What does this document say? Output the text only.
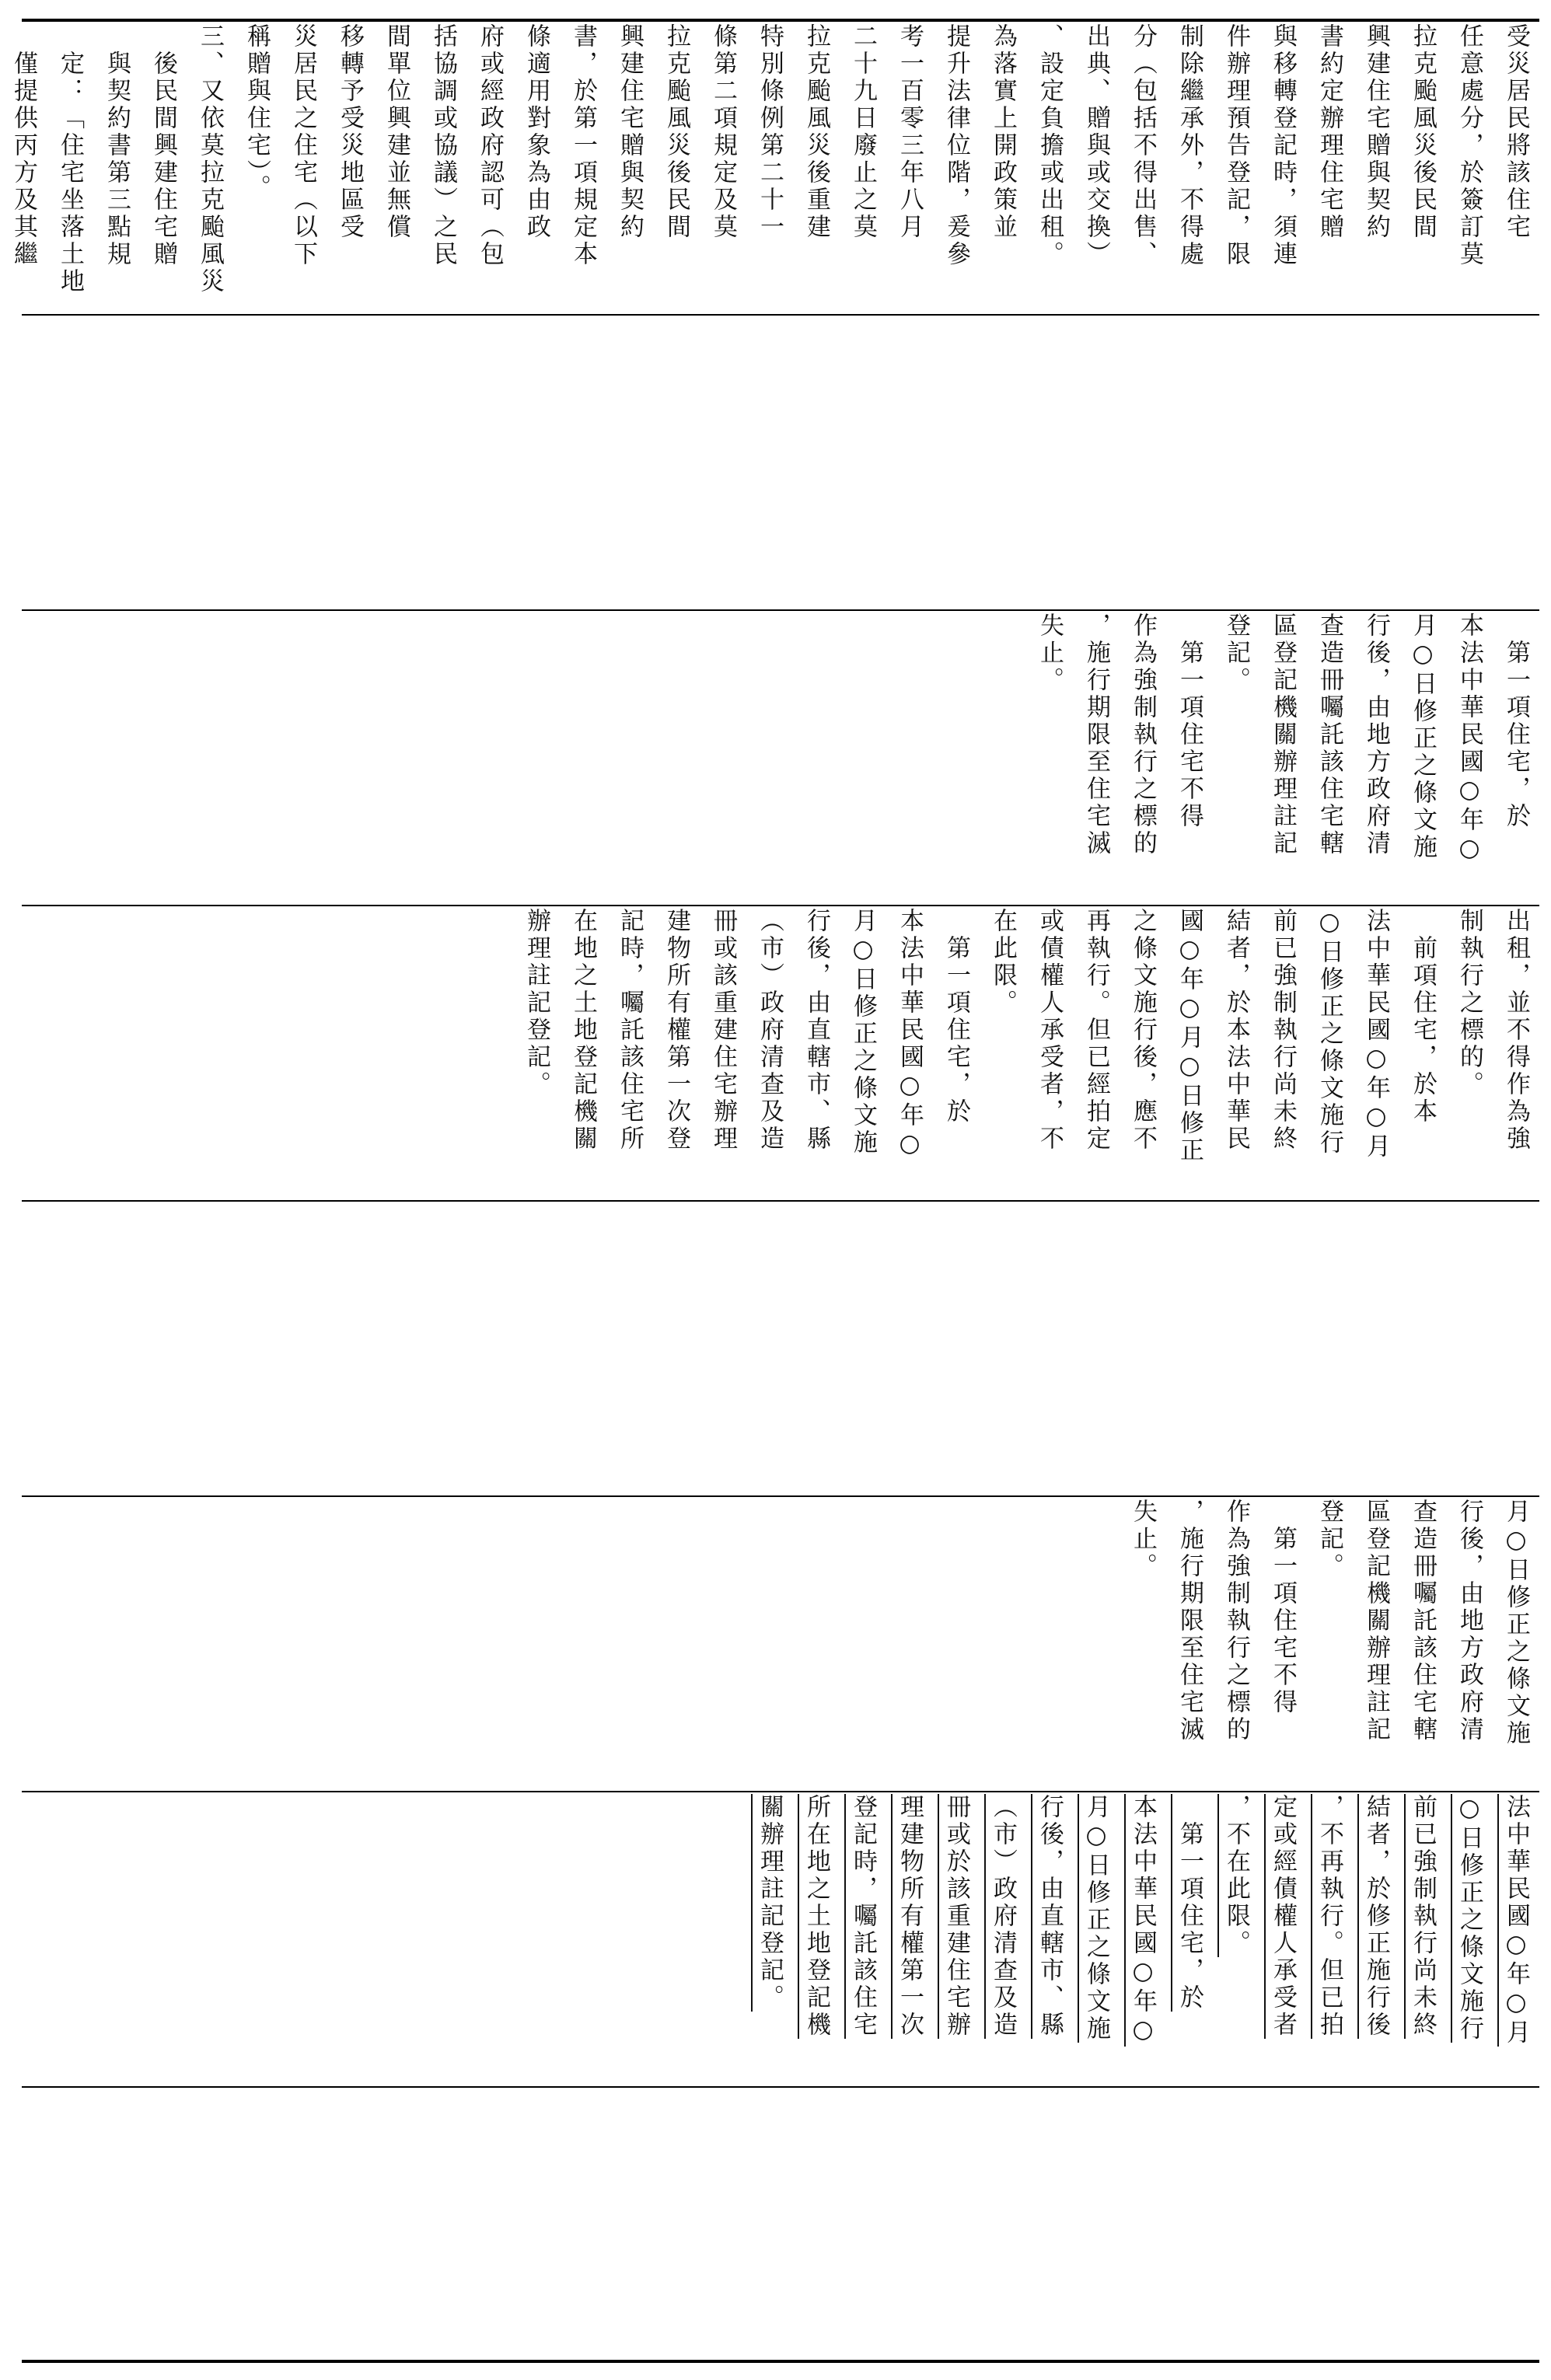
受災居民將該住宅
任意處分，於簽訂莫
拉克颱風災後民間
興建住宅贈與契約
書約定辦理住宅贈
與移轉登記時，須連
件辦理預告登記，限
制除繼承外，不得處
分（包括不得出售、
出典、贈與或交換）
、設定負擔或出租。
為落實上開政策並
提升法律位階，爰參
考一百零三年八月
二十九日廢止之莫
拉克颱風災後重建
特別條例第二十一
條第二項規定及莫
拉克颱風災後民間
興建住宅贈與契約
書，於第一項規定本
條適用對象為由政
府或經政府認可（包
括協調或協議）之民
間單位興建並無償
移轉予受災地區受
災居民之住宅（以下
稱贈與住宅）。
三、又依莫拉克颱風災
　後民間興建住宅贈
　與契約書第三點規
　定：「住宅坐落土地
　僅提供丙方及其繼

　第一項住宅，於
本法中華民國○年○
月○日修正之條文施
行後，由地方政府清
查造冊囑託該住宅轄
區登記機關辦理註記
登記。
　第一項住宅不得
作為強制執行之標的
，施行期限至住宅滅
失止。
出租，並不得作為強
制執行之標的。
　前項住宅，於本
法中華民國○年○月
○日修正之條文施行
前已強制執行尚未終
結者，於本法中華民
國○年○月○日修正
之條文施行後，應不
再執行。但已經拍定
或債權人承受者，不
在此限。
　第一項住宅，於
本法中華民國○年○
月○日修正之條文施
行後，由直轄市、縣
（市）政府清查及造
冊或該重建住宅辦理
建物所有權第一次登
記時，囑託該住宅所
在地之土地登記機關
辦理註記登記。
月○日修正之條文施
行後，由地方政府清
查造冊囑託該住宅轄
區登記機關辦理註記
登記。
　第一項住宅不得
作為強制執行之標的
，施行期限至住宅滅
失止。
法中華民國○年○月
○日修正之條文施行
前已強制執行尚未終
結者，於修正施行後
，不再執行。但已拍
定或經債權人承受者
，不在此限。
　第一項住宅，於
本法中華民國○年○
月○日修正之條文施
行後，由直轄市、縣
（市）政府清查及造
冊或於該重建住宅辦
理建物所有權第一次
登記時，囑託該住宅
所在地之土地登記機
關辦理註記登記。
